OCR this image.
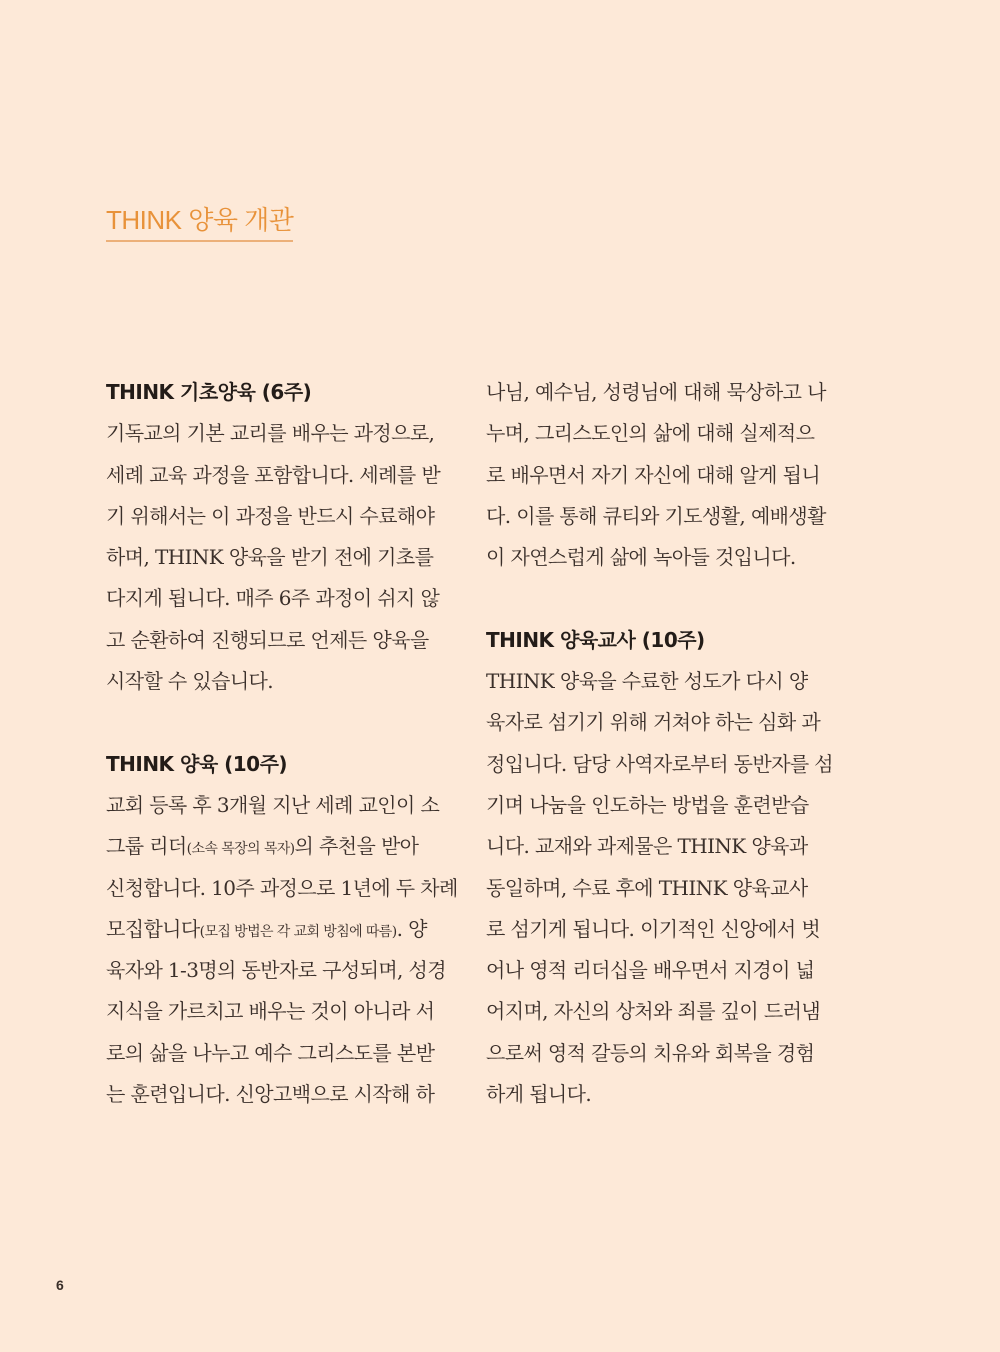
THINK 양육 개관
THINK 기초양육 (6주)
기독교의 기본 교리를 배우는 과정으로,
세례 교육 과정을 포함합니다. 세례를 받
기 위해서는 이 과정을 반드시 수료해야
하며, THINK 양육을 받기 전에 기초를
다지게 됩니다. 매주 6주 과정이 쉬지 않
고 순환하여 진행되므로 언제든 양육을
시작할 수 있습니다.
THINK 양육 (10주)
교회 등록 후 3개월 지난 세례 교인이 소
그룹 리더(소속 목장의 목자)의 추천을 받아
신청합니다. 10주 과정으로 1년에 두 차례
모집합니다(모집 방법은 각 교회 방침에 따름). 양
육자와 1-3명의 동반자로 구성되며, 성경
지식을 가르치고 배우는 것이 아니라 서
로의 삶을 나누고 예수 그리스도를 본받
는 훈련입니다. 신앙고백으로 시작해 하
나님, 예수님, 성령님에 대해 묵상하고 나
누며, 그리스도인의 삶에 대해 실제적으
로 배우면서 자기 자신에 대해 알게 됩니
다. 이를 통해 큐티와 기도생활, 예배생활
이 자연스럽게 삶에 녹아들 것입니다.
THINK 양육교사 (10주)
THINK 양육을 수료한 성도가 다시 양
육자로 섬기기 위해 거쳐야 하는 심화 과
정입니다. 담당 사역자로부터 동반자를 섬
기며 나눔을 인도하는 방법을 훈련받습
니다. 교재와 과제물은 THINK 양육과
동일하며, 수료 후에 THINK 양육교사
로 섬기게 됩니다. 이기적인 신앙에서 벗
어나 영적 리더십을 배우면서 지경이 넓
어지며, 자신의 상처와 죄를 깊이 드러냄
으로써 영적 갈등의 치유와 회복을 경험
하게 됩니다.
6
